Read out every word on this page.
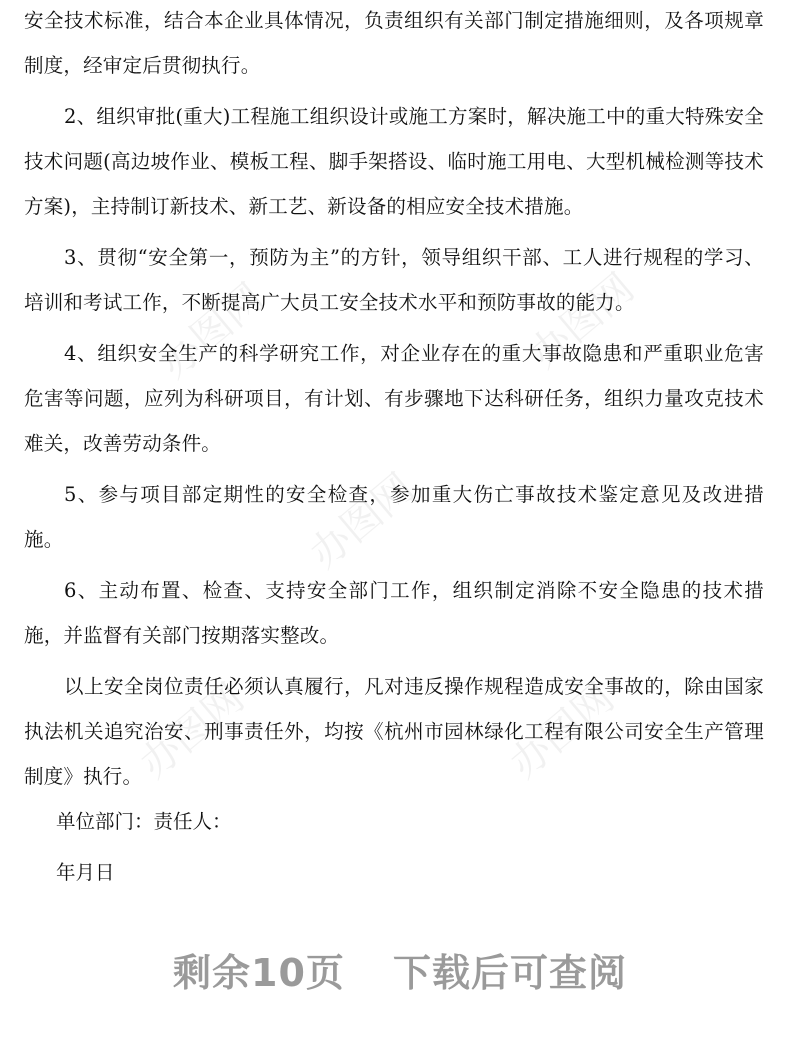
办图网	办图网
办图网
办图网	办图网

安全技术标准，结合本企业具体情况，负责组织有关部门制定措施细则，及各项规章制度，经审定后贯彻执行。

2、组织审批(重大)工程施工组织设计或施工方案时，解决施工中的重大特殊安全技术问题(高边坡作业、模板工程、脚手架搭设、临时施工用电、大型机械检测等技术方案)，主持制订新技术、新工艺、新设备的相应安全技术措施。

3、贯彻“安全第一，预防为主”的方针，领导组织干部、工人进行规程的学习、培训和考试工作，不断提高广大员工安全技术水平和预防事故的能力。

4、组织安全生产的科学研究工作，对企业存在的重大事故隐患和严重职业危害危害等问题，应列为科研项目，有计划、有步骤地下达科研任务，组织力量攻克技术难关，改善劳动条件。

5、参与项目部定期性的安全检查，参加重大伤亡事故技术鉴定意见及改进措施。

6、主动布置、检查、支持安全部门工作，组织制定消除不安全隐患的技术措施，并监督有关部门按期落实整改。

以上安全岗位责任必须认真履行，凡对违反操作规程造成安全事故的，除由国家执法机关追究治安、刑事责任外，均按《杭州市园林绿化工程有限公司安全生产管理制度》执行。

单位部门：责任人：

年月日

剩余10页 下载后可查阅
